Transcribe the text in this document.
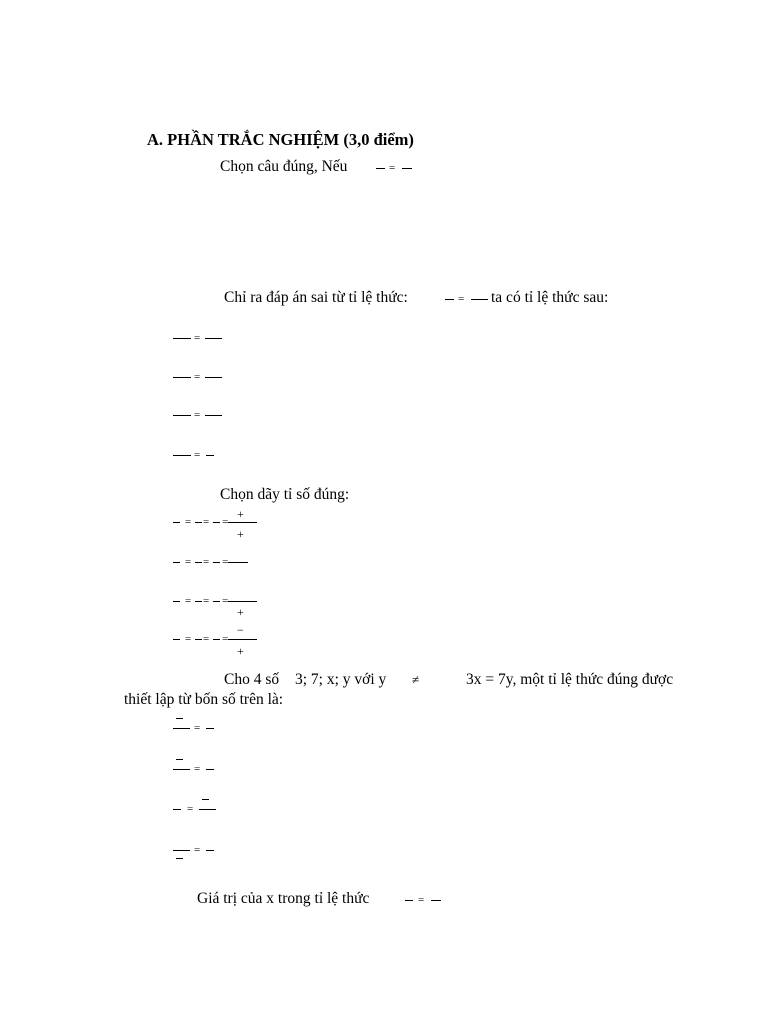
A. PHẦN TRẮC NGHIỆM (3,0 điểm)
Chọn câu đúng, Nếu	=
Chỉ ra đáp án sai từ tỉ lệ thức:	= ta có tỉ lệ thức sau:
=
=
=
=
Chọn dãy tỉ số đúng:
= = =
+
+
= = =
= = =
+
= = =
−
+
Cho 4 số 3; 7; x; y với y ≠	3x = 7y, một tỉ lệ thức đúng được
thiết lập từ bốn số trên là:
=
=
=
=
Giá trị của x trong tỉ lệ thức	=
